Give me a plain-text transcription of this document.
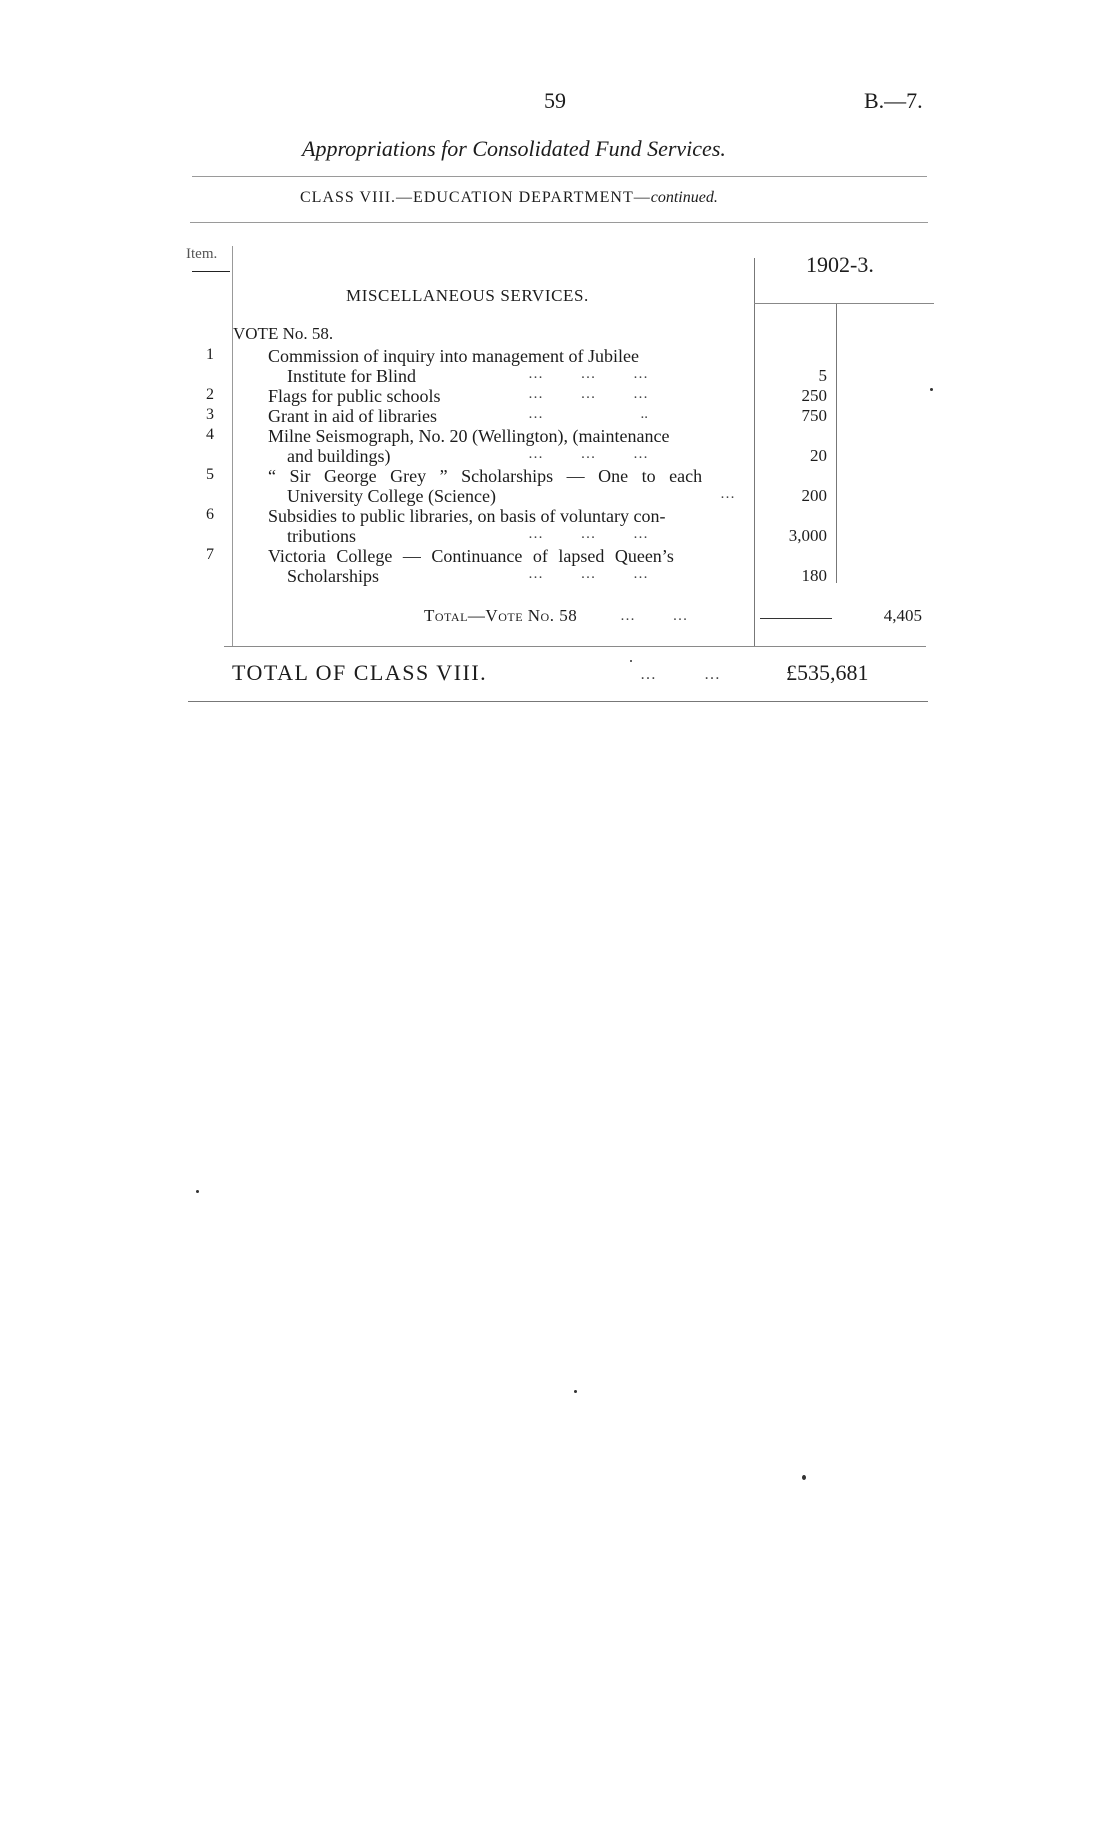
59	B.—7.
Appropriations for Consolidated Fund Services.
CLASS VIII.—EDUCATION DEPARTMENT—continued.
Item.	1902-3.
MISCELLANEOUS SERVICES.
VOTE No. 58.
1	Commission of inquiry into management of Jubilee
Institute for Blind	…          …          …	5
2	Flags for public schools	…          …          …	250
3	Grant in aid of libraries	…                          ..	750
4	Milne Seismograph, No. 20 (Wellington), (maintenance
and buildings)	…          …          …	20
5	“ Sir George Grey ” Scholarships — One to each
University College (Science)	…	200
6	Subsidies to public libraries, on basis of voluntary con-
tributions	…          …          …	3,000
7	Victoria College — Continuance of lapsed Queen’s
Scholarships	…          …          …	180
Total—Vote No. 58	…          …	4,405
TOTAL OF CLASS VIII.	…            …	£535,681
